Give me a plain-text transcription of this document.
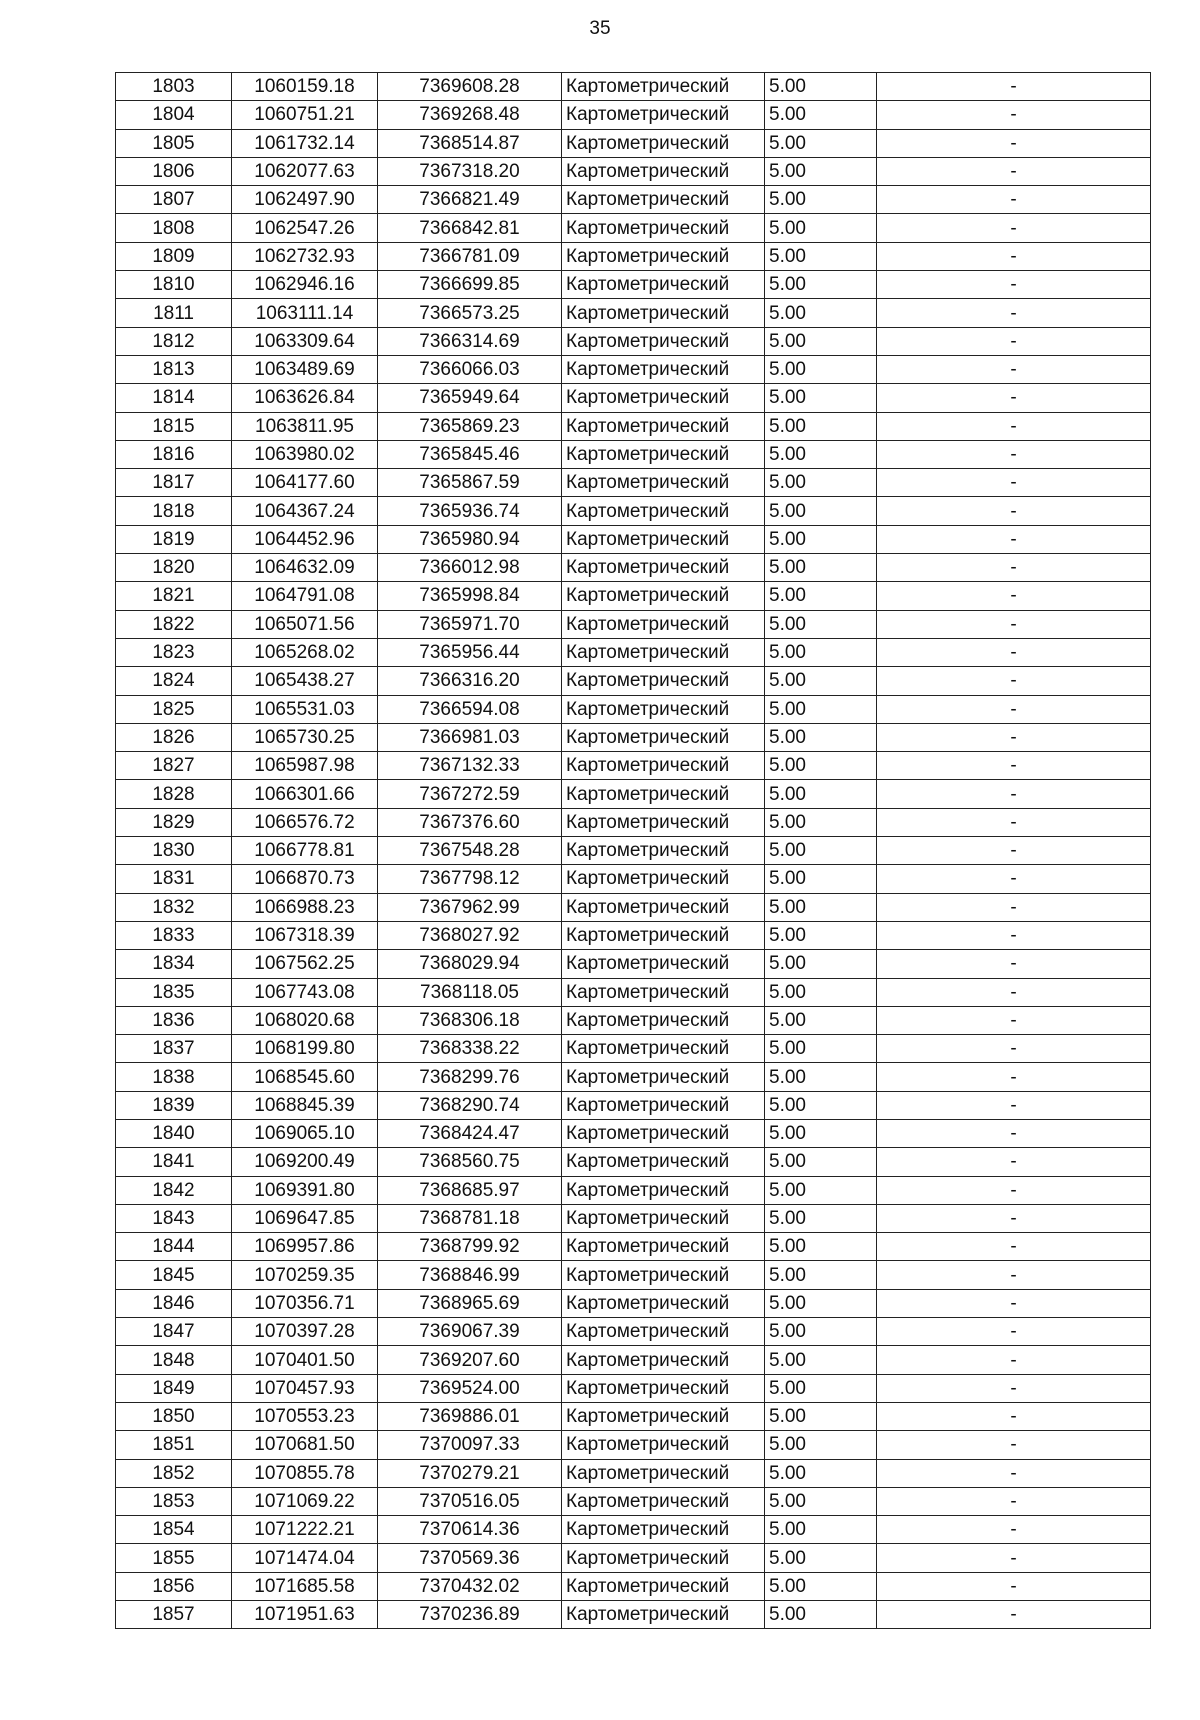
35
1803	1060159.18	7369608.28	Картометрический	5.00	-
1804	1060751.21	7369268.48	Картометрический	5.00	-
1805	1061732.14	7368514.87	Картометрический	5.00	-
1806	1062077.63	7367318.20	Картометрический	5.00	-
1807	1062497.90	7366821.49	Картометрический	5.00	-
1808	1062547.26	7366842.81	Картометрический	5.00	-
1809	1062732.93	7366781.09	Картометрический	5.00	-
1810	1062946.16	7366699.85	Картометрический	5.00	-
1811	1063111.14	7366573.25	Картометрический	5.00	-
1812	1063309.64	7366314.69	Картометрический	5.00	-
1813	1063489.69	7366066.03	Картометрический	5.00	-
1814	1063626.84	7365949.64	Картометрический	5.00	-
1815	1063811.95	7365869.23	Картометрический	5.00	-
1816	1063980.02	7365845.46	Картометрический	5.00	-
1817	1064177.60	7365867.59	Картометрический	5.00	-
1818	1064367.24	7365936.74	Картометрический	5.00	-
1819	1064452.96	7365980.94	Картометрический	5.00	-
1820	1064632.09	7366012.98	Картометрический	5.00	-
1821	1064791.08	7365998.84	Картометрический	5.00	-
1822	1065071.56	7365971.70	Картометрический	5.00	-
1823	1065268.02	7365956.44	Картометрический	5.00	-
1824	1065438.27	7366316.20	Картометрический	5.00	-
1825	1065531.03	7366594.08	Картометрический	5.00	-
1826	1065730.25	7366981.03	Картометрический	5.00	-
1827	1065987.98	7367132.33	Картометрический	5.00	-
1828	1066301.66	7367272.59	Картометрический	5.00	-
1829	1066576.72	7367376.60	Картометрический	5.00	-
1830	1066778.81	7367548.28	Картометрический	5.00	-
1831	1066870.73	7367798.12	Картометрический	5.00	-
1832	1066988.23	7367962.99	Картометрический	5.00	-
1833	1067318.39	7368027.92	Картометрический	5.00	-
1834	1067562.25	7368029.94	Картометрический	5.00	-
1835	1067743.08	7368118.05	Картометрический	5.00	-
1836	1068020.68	7368306.18	Картометрический	5.00	-
1837	1068199.80	7368338.22	Картометрический	5.00	-
1838	1068545.60	7368299.76	Картометрический	5.00	-
1839	1068845.39	7368290.74	Картометрический	5.00	-
1840	1069065.10	7368424.47	Картометрический	5.00	-
1841	1069200.49	7368560.75	Картометрический	5.00	-
1842	1069391.80	7368685.97	Картометрический	5.00	-
1843	1069647.85	7368781.18	Картометрический	5.00	-
1844	1069957.86	7368799.92	Картометрический	5.00	-
1845	1070259.35	7368846.99	Картометрический	5.00	-
1846	1070356.71	7368965.69	Картометрический	5.00	-
1847	1070397.28	7369067.39	Картометрический	5.00	-
1848	1070401.50	7369207.60	Картометрический	5.00	-
1849	1070457.93	7369524.00	Картометрический	5.00	-
1850	1070553.23	7369886.01	Картометрический	5.00	-
1851	1070681.50	7370097.33	Картометрический	5.00	-
1852	1070855.78	7370279.21	Картометрический	5.00	-
1853	1071069.22	7370516.05	Картометрический	5.00	-
1854	1071222.21	7370614.36	Картометрический	5.00	-
1855	1071474.04	7370569.36	Картометрический	5.00	-
1856	1071685.58	7370432.02	Картометрический	5.00	-
1857	1071951.63	7370236.89	Картометрический	5.00	-
